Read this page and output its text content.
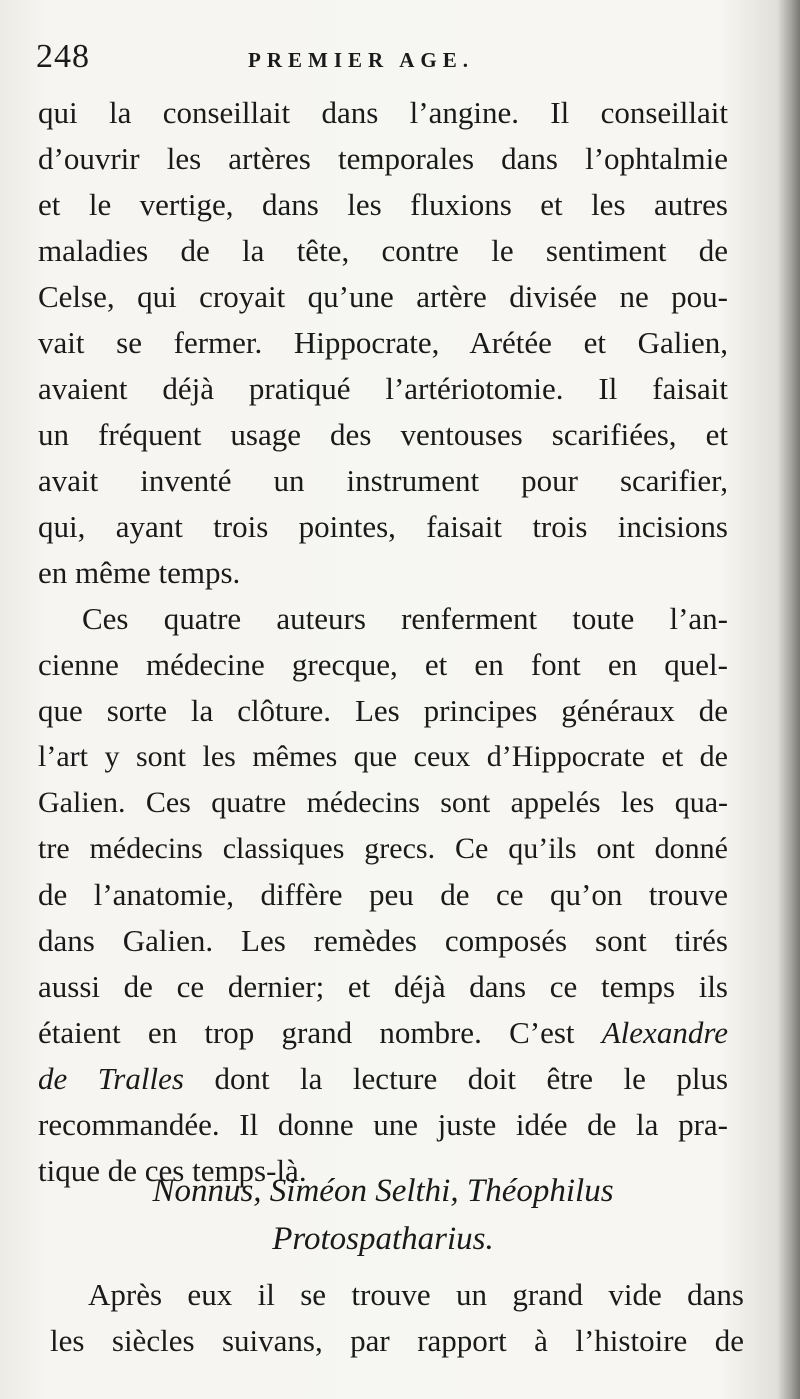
248	PREMIER AGE.
qui la conseillait dans l’angine. Il conseillait
d’ouvrir les artères temporales dans l’ophtalmie
et le vertige, dans les fluxions et les autres
maladies de la tête, contre le sentiment de
Celse, qui croyait qu’une artère divisée ne pou-
vait se fermer. Hippocrate, Arétée et Galien,
avaient déjà pratiqué l’artériotomie. Il faisait
un fréquent usage des ventouses scarifiées, et
avait inventé un instrument pour scarifier,
qui, ayant trois pointes, faisait trois incisions
en même temps.
Ces quatre auteurs renferment toute l’an-
cienne médecine grecque, et en font en quel-
que sorte la clôture. Les principes généraux de
l’art y sont les mêmes que ceux d’Hippocrate et de
Galien. Ces quatre médecins sont appelés les qua-
tre médecins classiques grecs. Ce qu’ils ont donné
de l’anatomie, diffère peu de ce qu’on trouve
dans Galien. Les remèdes composés sont tirés
aussi de ce dernier; et déjà dans ce temps ils
étaient en trop grand nombre. C’est Alexandre
de Tralles dont la lecture doit être le plus
recommandée. Il donne une juste idée de la pra-
tique de ces temps-là.
Nonnus, Siméon Selthi, Théophilus
Protospatharius.
Après eux il se trouve un grand vide dans
les siècles suivans, par rapport à l’histoire de
